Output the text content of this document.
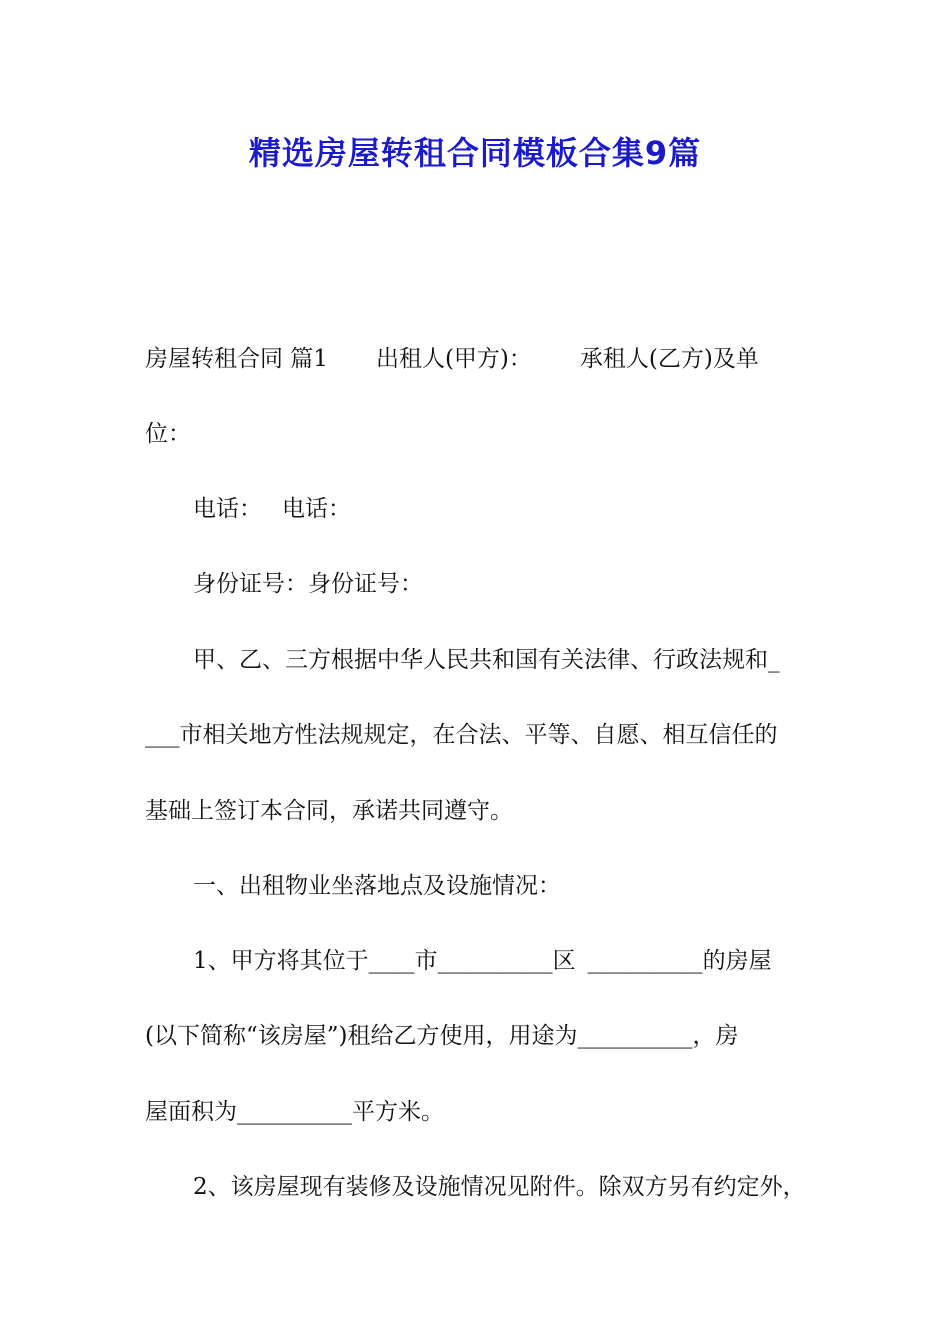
精选房屋转租合同模板合集9篇
房屋转租合同 篇1 出租人(甲方)： 承租人(乙方)及单
位：
电话： 电话：
身份证号：身份证号：
甲、乙、三方根据中华人民共和国有关法律、行政法规和_
___市相关地方性法规规定，在合法、平等、自愿、相互信任的
基础上签订本合同，承诺共同遵守。
一、出租物业坐落地点及设施情况：
1、甲方将其位于____市__________区 __________的房屋
(以下简称“该房屋”)租给乙方使用，用途为__________，房
屋面积为__________平方米。
2、该房屋现有装修及设施情况见附件。除双方另有约定外，
